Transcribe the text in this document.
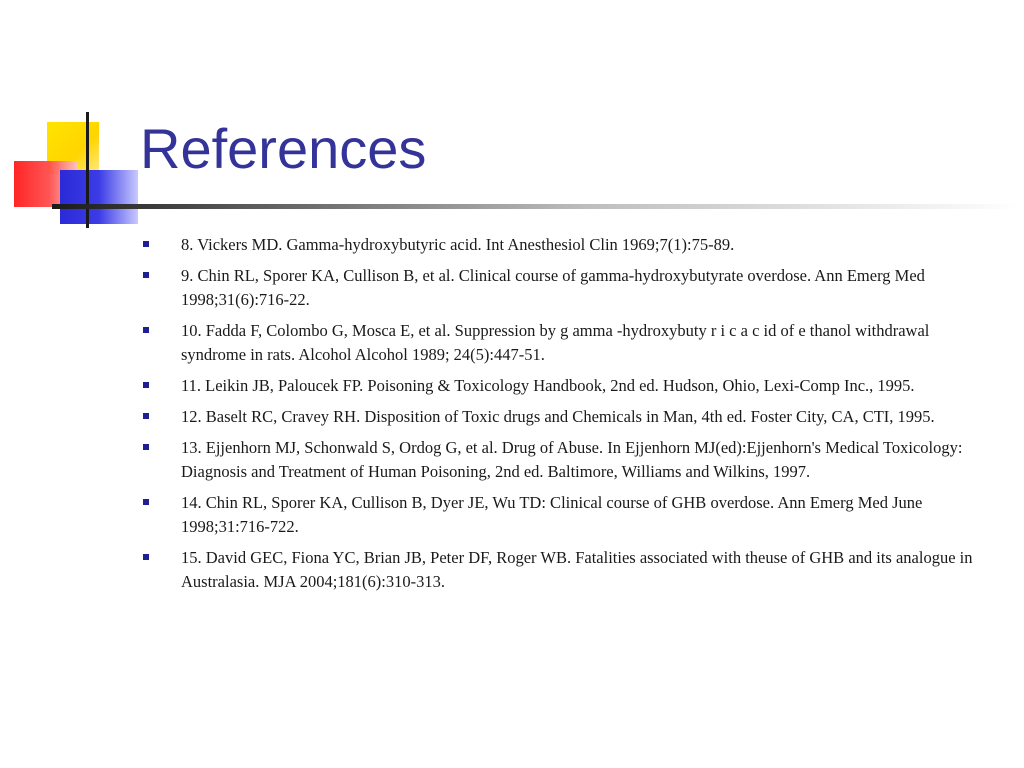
References
8. Vickers MD. Gamma-hydroxybutyric acid. Int Anesthesiol Clin 1969;7(1):75-89.
9. Chin RL, Sporer KA, Cullison B, et al. Clinical course of gamma-hydroxybutyrate overdose. Ann Emerg Med 1998;31(6):716-22.
10. Fadda F, Colombo G, Mosca E, et al. Suppression by g amma -hydroxybuty r i c a c id of e thanol withdrawal syndrome in rats. Alcohol Alcohol 1989; 24(5):447-51.
11. Leikin JB, Paloucek FP. Poisoning & Toxicology Handbook, 2nd ed. Hudson, Ohio, Lexi-Comp Inc., 1995.
12. Baselt RC, Cravey RH. Disposition of Toxic drugs and Chemicals in Man, 4th ed. Foster City, CA, CTI, 1995.
13. Ejjenhorn MJ, Schonwald S, Ordog G, et al. Drug of Abuse. In Ejjenhorn MJ(ed):Ejjenhorn's Medical Toxicology: Diagnosis and Treatment of Human Poisoning, 2nd ed. Baltimore, Williams and Wilkins, 1997.
14. Chin RL, Sporer KA, Cullison B, Dyer JE, Wu TD: Clinical course of GHB overdose. Ann Emerg Med June 1998;31:716-722.
15. David GEC, Fiona YC, Brian JB, Peter DF, Roger WB. Fatalities associated with theuse of GHB and its analogue in Australasia. MJA 2004;181(6):310-313.
